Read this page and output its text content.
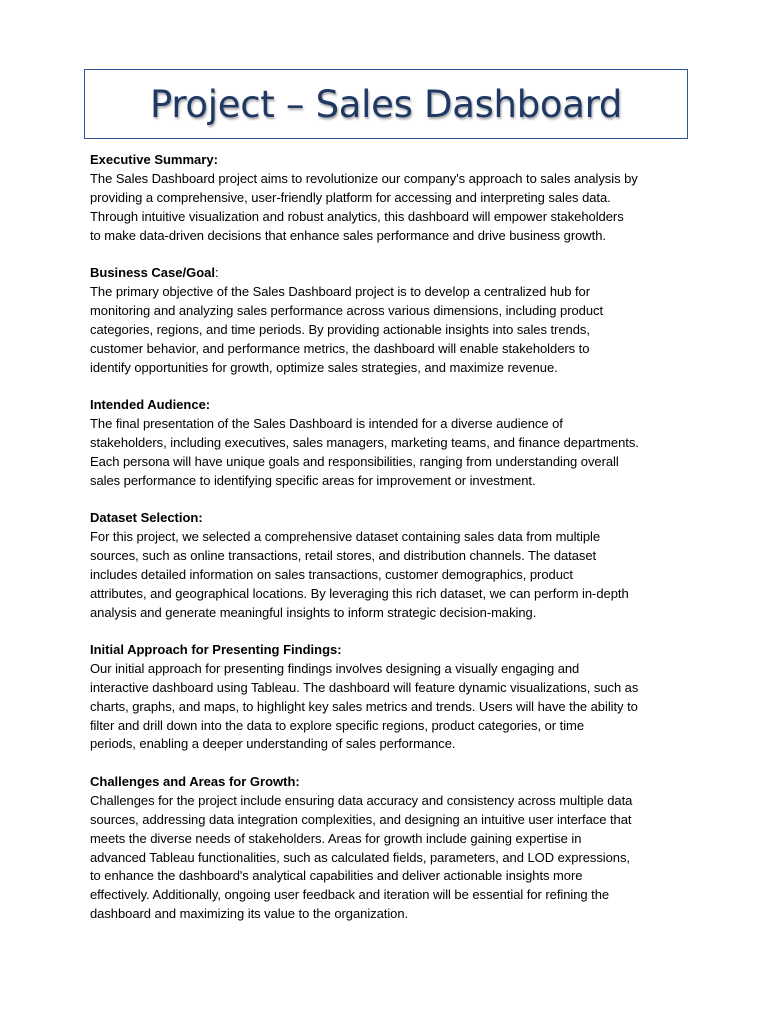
Project – Sales Dashboard

Executive Summary:

The Sales Dashboard project aims to revolutionize our company's approach to sales analysis by
providing a comprehensive, user-friendly platform for accessing and interpreting sales data.
Through intuitive visualization and robust analytics, this dashboard will empower stakeholders
to make data-driven decisions that enhance sales performance and drive business growth.

Business Case/Goal:

The primary objective of the Sales Dashboard project is to develop a centralized hub for
monitoring and analyzing sales performance across various dimensions, including product
categories, regions, and time periods. By providing actionable insights into sales trends,
customer behavior, and performance metrics, the dashboard will enable stakeholders to
identify opportunities for growth, optimize sales strategies, and maximize revenue.

Intended Audience:

The final presentation of the Sales Dashboard is intended for a diverse audience of
stakeholders, including executives, sales managers, marketing teams, and finance departments.
Each persona will have unique goals and responsibilities, ranging from understanding overall
sales performance to identifying specific areas for improvement or investment.

Dataset Selection:

For this project, we selected a comprehensive dataset containing sales data from multiple
sources, such as online transactions, retail stores, and distribution channels. The dataset
includes detailed information on sales transactions, customer demographics, product
attributes, and geographical locations. By leveraging this rich dataset, we can perform in-depth
analysis and generate meaningful insights to inform strategic decision-making.

Initial Approach for Presenting Findings:

Our initial approach for presenting findings involves designing a visually engaging and
interactive dashboard using Tableau. The dashboard will feature dynamic visualizations, such as
charts, graphs, and maps, to highlight key sales metrics and trends. Users will have the ability to
filter and drill down into the data to explore specific regions, product categories, or time
periods, enabling a deeper understanding of sales performance.

Challenges and Areas for Growth:

Challenges for the project include ensuring data accuracy and consistency across multiple data
sources, addressing data integration complexities, and designing an intuitive user interface that
meets the diverse needs of stakeholders. Areas for growth include gaining expertise in
advanced Tableau functionalities, such as calculated fields, parameters, and LOD expressions,
to enhance the dashboard's analytical capabilities and deliver actionable insights more
effectively. Additionally, ongoing user feedback and iteration will be essential for refining the
dashboard and maximizing its value to the organization.
